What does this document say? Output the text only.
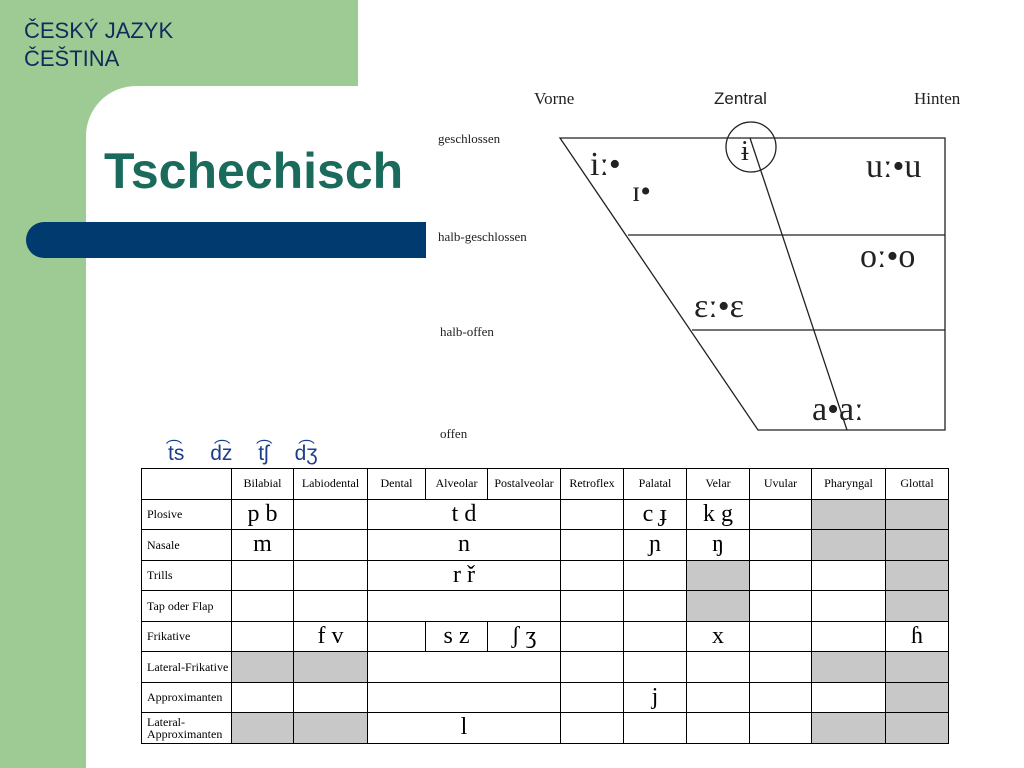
ČESKÝ JAZYK
ČEŠTINA
Tschechisch
Vorne	Zentral	Hinten
geschlossen
halb-geschlossen
halb-offen
offen
iː•
ɪ•
ɨ	uː•u
oː•o
ɛː•ɛ
a•aː
t͡s d͡z t͡ʃ d͡ʒ
	Bilabial	Labiodental	Dental	Alveolar	Postalveolar	Retroflex	Palatal	Velar	Uvular	Pharyngal	Glottal
Plosive	p b		t d				c ɟ	k g			
Nasale	m		n				ɲ	ŋ			
Trills			r ř								
Tap oder Flap											
Frikative		f v		s z	ʃ ʒ			x			ɦ
Lateral-Frikative											
Approximanten							j				
Lateral-Approximanten			l								
